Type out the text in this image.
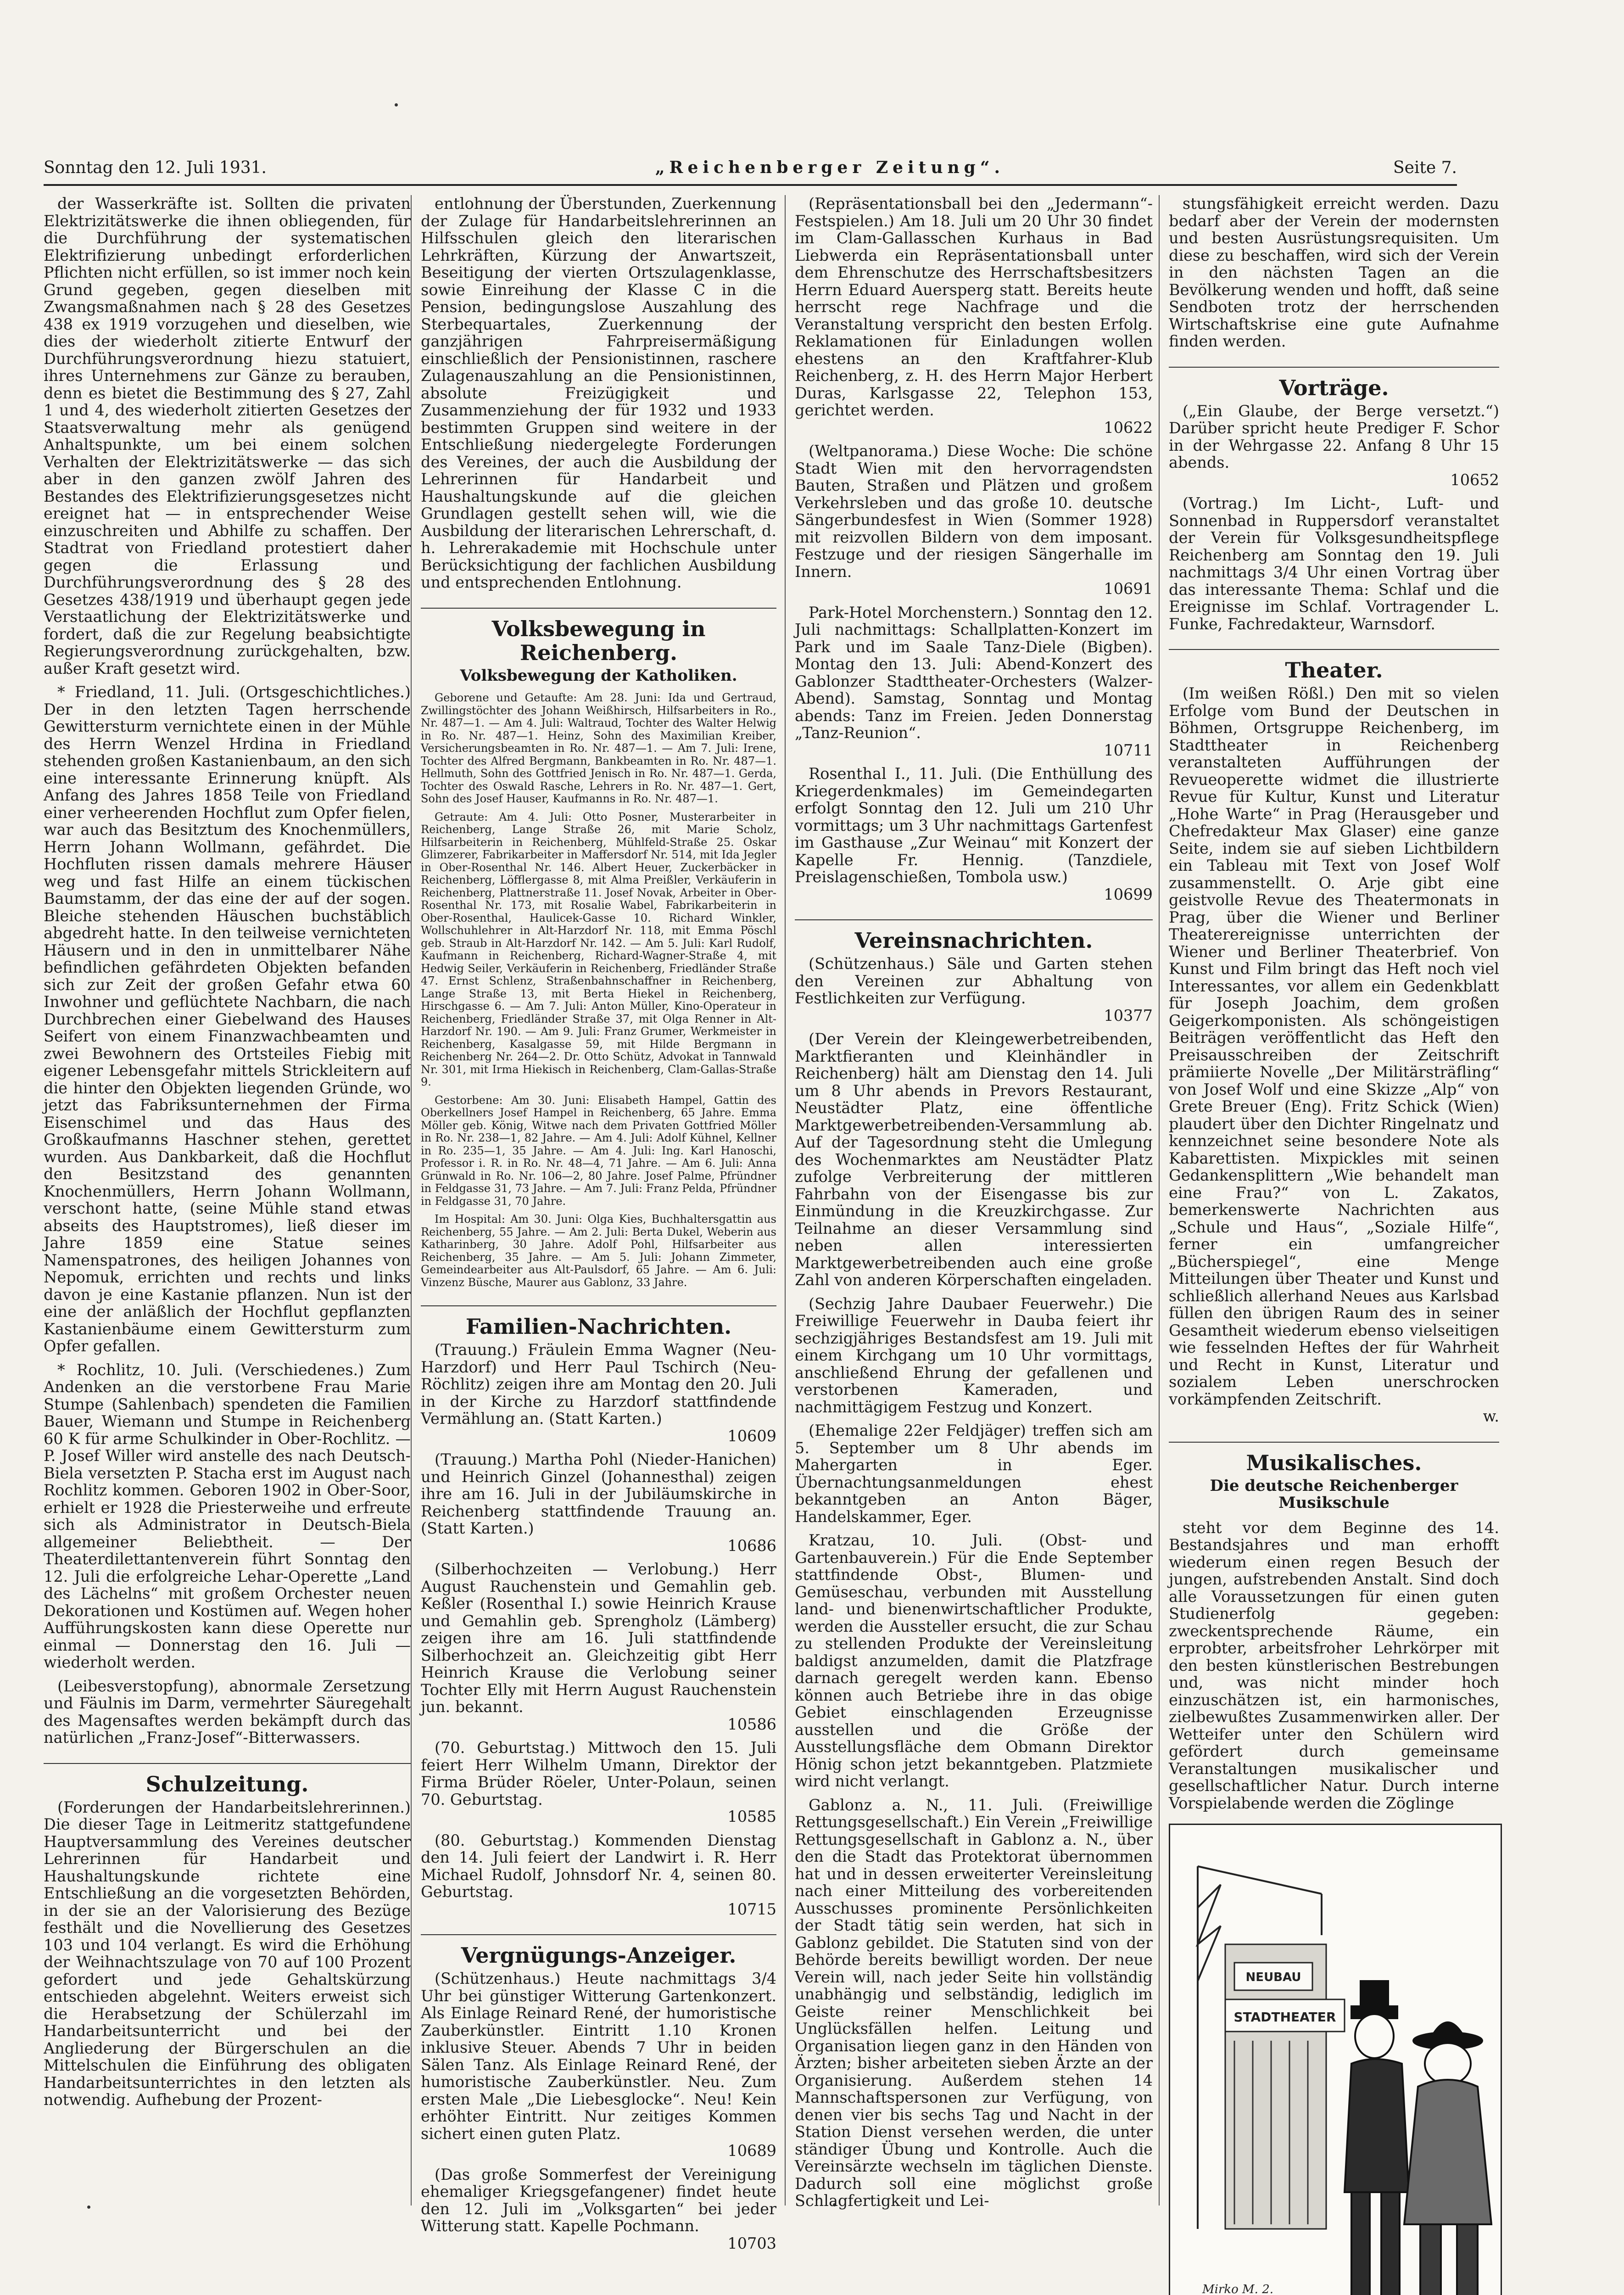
Sonntag den 12. Juli 1931.	„Reichenberger Zeitung“.	Seite 7.

der Wasserkräfte ist. Sollten die privaten Elektrizitätswerke die ihnen obliegenden, für die Durchführung der systematischen Elektrifizierung unbedingt erforderlichen Pflichten nicht erfüllen, so ist immer noch kein Grund gegeben, gegen dieselben mit Zwangsmaßnahmen nach § 28 des Gesetzes 438 ex 1919 vorzugehen und dieselben, wie dies der wiederholt zitierte Entwurf der Durchführungsverordnung hiezu statuiert, ihres Unternehmens zur Gänze zu berauben, denn es bietet die Bestimmung des § 27, Zahl 1 und 4, des wiederholt zitierten Gesetzes der Staatsverwaltung mehr als genügend Anhaltspunkte, um bei einem solchen Verhalten der Elektrizitätswerke — das sich aber in den ganzen zwölf Jahren des Bestandes des Elektrifizierungsgesetzes nicht ereignet hat — in entsprechender Weise einzuschreiten und Abhilfe zu schaffen. Der Stadtrat von Friedland protestiert daher gegen die Erlassung und Durchführungsverordnung des § 28 des Gesetzes 438/1919 und überhaupt gegen jede Verstaatlichung der Elektrizitätswerke und fordert, daß die zur Regelung beabsichtigte Regierungsverordnung zurückgehalten, bzw. außer Kraft gesetzt wird.

* Friedland, 11. Juli. (Ortsgeschichtliches.) Der in den letzten Tagen herrschende Gewittersturm vernichtete einen in der Mühle des Herrn Wenzel Hrdina in Friedland stehenden großen Kastanienbaum, an den sich eine interessante Erinnerung knüpft. Als Anfang des Jahres 1858 Teile von Friedland einer verheerenden Hochflut zum Opfer fielen, war auch das Besitztum des Knochenmüllers, Herrn Johann Wollmann, gefährdet. Die Hochfluten rissen damals mehrere Häuser weg und fast Hilfe an einem tückischen Baumstamm, der das eine der auf der sogen. Bleiche stehenden Häuschen buchstäblich abgedreht hatte. In den teilweise vernichteten Häusern und in den in unmittelbarer Nähe befindlichen gefährdeten Objekten befanden sich zur Zeit der großen Gefahr etwa 60 Inwohner und geflüchtete Nachbarn, die nach Durchbrechen einer Giebelwand des Hauses Seifert von einem Finanzwachbeamten und zwei Bewohnern des Ortsteiles Fiebig mit eigener Lebensgefahr mittels Strickleitern auf die hinter den Objekten liegenden Gründe, wo jetzt das Fabriksunternehmen der Firma Eisenschimel und das Haus des Großkaufmanns Haschner stehen, gerettet wurden. Aus Dankbarkeit, daß die Hochflut den Besitzstand des genannten Knochenmüllers, Herrn Johann Wollmann, verschont hatte, (seine Mühle stand etwas abseits des Hauptstromes), ließ dieser im Jahre 1859 eine Statue seines Namenspatrones, des heiligen Johannes von Nepomuk, errichten und rechts und links davon je eine Kastanie pflanzen. Nun ist der eine der anläßlich der Hochflut gepflanzten Kastanienbäume einem Gewittersturm zum Opfer gefallen.

* Rochlitz, 10. Juli. (Verschiedenes.) Zum Andenken an die verstorbene Frau Marie Stumpe (Sahlenbach) spendeten die Familien Bauer, Wiemann und Stumpe in Reichenberg 60 K für arme Schulkinder in Ober-Rochlitz. — P. Josef Willer wird anstelle des nach Deutsch-Biela versetzten P. Stacha erst im August nach Rochlitz kommen. Geboren 1902 in Ober-Soor, erhielt er 1928 die Priesterweihe und erfreute sich als Administrator in Deutsch-Biela allgemeiner Beliebtheit. — Der Theaterdilettantenverein führt Sonntag den 12. Juli die erfolgreiche Lehar-Operette „Land des Lächelns“ mit großem Orchester neuen Dekorationen und Kostümen auf. Wegen hoher Aufführungskosten kann diese Operette nur einmal — Donnerstag den 16. Juli — wiederholt werden.

(Leibesverstopfung), abnormale Zersetzung und Fäulnis im Darm, vermehrter Säuregehalt des Magensaftes werden bekämpft durch das natürlichen „Franz-Josef“-Bitterwassers.

Schulzeitung.

(Forderungen der Handarbeitslehrerinnen.) Die dieser Tage in Leitmeritz stattgefundene Hauptversammlung des Vereines deutscher Lehrerinnen für Handarbeit und Haushaltungskunde richtete eine Entschließung an die vorgesetzten Behörden, in der sie an der Valorisierung des Bezüge festhält und die Novellierung des Gesetzes 103 und 104 verlangt. Es wird die Erhöhung der Weihnachtszulage von 70 auf 100 Prozent gefordert und jede Gehaltskürzung entschieden abgelehnt. Weiters erweist sich die Herabsetzung der Schülerzahl im Handarbeitsunterricht und bei der Angliederung der Bürgerschulen an die Mittelschulen die Einführung des obligaten Handarbeitsunterrichtes in den letzten als notwendig. Aufhebung der Prozent-

entlohnung der Überstunden, Zuerkennung der Zulage für Handarbeitslehrerinnen an Hilfsschulen gleich den literarischen Lehrkräften, Kürzung der Anwartszeit, Beseitigung der vierten Ortszulagenklasse, sowie Einreihung der Klasse C in die Pension, bedingungslose Auszahlung des Sterbequartales, Zuerkennung der ganzjährigen Fahrpreisermäßigung einschließlich der Pensionistinnen, raschere Zulagenauszahlung an die Pensionistinnen, absolute Freizügigkeit und Zusammenziehung der für 1932 und 1933 bestimmten Gruppen sind weitere in der Entschließung niedergelegte Forderungen des Vereines, der auch die Ausbildung der Lehrerinnen für Handarbeit und Haushaltungskunde auf die gleichen Grundlagen gestellt sehen will, wie die Ausbildung der literarischen Lehrerschaft, d. h. Lehrerakademie mit Hochschule unter Berücksichtigung der fachlichen Ausbildung und entsprechenden Entlohnung.

Volksbewegung in Reichenberg.
Volksbewegung der Katholiken.

Geborene und Getaufte: Am 28. Juni: Ida und Gertraud, Zwillingstöchter des Johann Weißhirsch, Hilfsarbeiters in Ro., Nr. 487—1. — Am 4. Juli: Waltraud, Tochter des Walter Helwig in Ro. Nr. 487—1. Heinz, Sohn des Maximilian Kreiber, Versicherungsbeamten in Ro. Nr. 487—1. — Am 7. Juli: Irene, Tochter des Alfred Bergmann, Bankbeamten in Ro. Nr. 487—1. Hellmuth, Sohn des Gottfried Jenisch in Ro. Nr. 487—1. Gerda, Tochter des Oswald Rasche, Lehrers in Ro. Nr. 487—1. Gert, Sohn des Josef Hauser, Kaufmanns in Ro. Nr. 487—1.

Getraute: Am 4. Juli: Otto Posner, Musterarbeiter in Reichenberg, Lange Straße 26, mit Marie Scholz, Hilfsarbeiterin in Reichenberg, Mühlfeld-Straße 25. Oskar Glimzerer, Fabrikarbeiter in Maffersdorf Nr. 514, mit Ida Jegler in Ober-Rosenthal Nr. 146. Albert Heuer, Zuckerbäcker in Reichenberg, Löfflergasse 8, mit Alma Preißler, Verkäuferin in Reichenberg, Plattnerstraße 11. Josef Novak, Arbeiter in Ober-Rosenthal Nr. 173, mit Rosalie Wabel, Fabrikarbeiterin in Ober-Rosenthal, Haulicek-Gasse 10. Richard Winkler, Wollschuhlehrer in Alt-Harzdorf Nr. 118, mit Emma Pöschl geb. Straub in Alt-Harzdorf Nr. 142. — Am 5. Juli: Karl Rudolf, Kaufmann in Reichenberg, Richard-Wagner-Straße 4, mit Hedwig Seiler, Verkäuferin in Reichenberg, Friedländer Straße 47. Ernst Schlenz, Straßenbahnschaffner in Reichenberg, Lange Straße 13, mit Berta Hiekel in Reichenberg, Hirschgasse 6. — Am 7. Juli: Anton Müller, Kino-Operateur in Reichenberg, Friedländer Straße 37, mit Olga Renner in Alt-Harzdorf Nr. 190. — Am 9. Juli: Franz Grumer, Werkmeister in Reichenberg, Kasalgasse 59, mit Hilde Bergmann in Reichenberg Nr. 264—2. Dr. Otto Schütz, Advokat in Tannwald Nr. 301, mit Irma Hiekisch in Reichenberg, Clam-Gallas-Straße 9.

Gestorbene: Am 30. Juni: Elisabeth Hampel, Gattin des Oberkellners Josef Hampel in Reichenberg, 65 Jahre. Emma Möller geb. König, Witwe nach dem Privaten Gottfried Möller in Ro. Nr. 238—1, 82 Jahre. — Am 4. Juli: Adolf Kühnel, Kellner in Ro. 235—1, 35 Jahre. — Am 4. Juli: Ing. Karl Hanoschi, Professor i. R. in Ro. Nr. 48—4, 71 Jahre. — Am 6. Juli: Anna Grünwald in Ro. Nr. 106—2, 80 Jahre. Josef Palme, Pfründner in Feldgasse 31, 73 Jahre. — Am 7. Juli: Franz Pelda, Pfründner in Feldgasse 31, 70 Jahre.

Im Hospital: Am 30. Juni: Olga Kies, Buchhaltersgattin aus Reichenberg, 55 Jahre. — Am 2. Juli: Berta Dukel, Weberin aus Katharinberg, 30 Jahre. Adolf Pohl, Hilfsarbeiter aus Reichenberg, 35 Jahre. — Am 5. Juli: Johann Zimmeter, Gemeindearbeiter aus Alt-Paulsdorf, 65 Jahre. — Am 6. Juli: Vinzenz Büsche, Maurer aus Gablonz, 33 Jahre.

Familien-Nachrichten.

(Trauung.) Fräulein Emma Wagner (Neu-Harzdorf) und Herr Paul Tschirch (Neu-Röchlitz) zeigen ihre am Montag den 20. Juli in der Kirche zu Harzdorf stattfindende Vermählung an. (Statt Karten.)

10609

(Trauung.) Martha Pohl (Nieder-Hanichen) und Heinrich Ginzel (Johannesthal) zeigen ihre am 16. Juli in der Jubiläumskirche in Reichenberg stattfindende Trauung an. (Statt Karten.)

10686

(Silberhochzeiten — Verlobung.) Herr August Rauchenstein und Gemahlin geb. Keßler (Rosenthal I.) sowie Heinrich Krause und Gemahlin geb. Sprengholz (Lämberg) zeigen ihre am 16. Juli stattfindende Silberhochzeit an. Gleichzeitig gibt Herr Heinrich Krause die Verlobung seiner Tochter Elly mit Herrn August Rauchenstein jun. bekannt.

10586

(70. Geburtstag.) Mittwoch den 15. Juli feiert Herr Wilhelm Umann, Direktor der Firma Brüder Röeler, Unter-Polaun, seinen 70. Geburtstag.

10585

(80. Geburtstag.) Kommenden Dienstag den 14. Juli feiert der Landwirt i. R. Herr Michael Rudolf, Johnsdorf Nr. 4, seinen 80. Geburtstag.

10715

Vergnügungs-Anzeiger.

(Schützenhaus.) Heute nachmittags 3/4 Uhr bei günstiger Witterung Gartenkonzert. Als Einlage Reinard René, der humoristische Zauberkünstler. Eintritt 1.10 Kronen inklusive Steuer. Abends 7 Uhr in beiden Sälen Tanz. Als Einlage Reinard René, der humoristische Zauberkünstler. Neu. Zum ersten Male „Die Liebesglocke“. Neu! Kein erhöhter Eintritt. Nur zeitiges Kommen sichert einen guten Platz.

10689

(Das große Sommerfest der Vereinigung ehemaliger Kriegsgefangener) findet heute den 12. Juli im „Volksgarten“ bei jeder Witterung statt. Kapelle Pochmann.

10703

(Repräsentationsball bei den „Jedermann“-Festspielen.) Am 18. Juli um 20 Uhr 30 findet im Clam-Gallasschen Kurhaus in Bad Liebwerda ein Repräsentationsball unter dem Ehrenschutze des Herrschaftsbesitzers Herrn Eduard Auersperg statt. Bereits heute herrscht rege Nachfrage und die Veranstaltung verspricht den besten Erfolg. Reklamationen für Einladungen wollen ehestens an den Kraftfahrer-Klub Reichenberg, z. H. des Herrn Major Herbert Duras, Karlsgasse 22, Telephon 153, gerichtet werden.

10622

(Weltpanorama.) Diese Woche: Die schöne Stadt Wien mit den hervorragendsten Bauten, Straßen und Plätzen und großem Verkehrsleben und das große 10. deutsche Sängerbundesfest in Wien (Sommer 1928) mit reizvollen Bildern von dem imposant. Festzuge und der riesigen Sängerhalle im Innern.

10691

Park-Hotel Morchenstern.) Sonntag den 12. Juli nachmittags: Schallplatten-Konzert im Park und im Saale Tanz-Diele (Bigben). Montag den 13. Juli: Abend-Konzert des Gablonzer Stadttheater-Orchesters (Walzer-Abend). Samstag, Sonntag und Montag abends: Tanz im Freien. Jeden Donnerstag „Tanz-Reunion“.

10711

Rosenthal I., 11. Juli. (Die Enthüllung des Kriegerdenkmales) im Gemeindegarten erfolgt Sonntag den 12. Juli um 210 Uhr vormittags; um 3 Uhr nachmittags Gartenfest im Gasthause „Zur Weinau“ mit Konzert der Kapelle Fr. Hennig. (Tanzdiele, Preislagenschießen, Tombola usw.)

10699

Vereinsnachrichten.

(Schützenhaus.) Säle und Garten stehen den Vereinen zur Abhaltung von Festlichkeiten zur Verfügung.

10377

(Der Verein der Kleingewerbetreibenden, Marktfieranten und Kleinhändler in Reichenberg) hält am Dienstag den 14. Juli um 8 Uhr abends in Prevors Restaurant, Neustädter Platz, eine öffentliche Marktgewerbetreibenden-Versammlung ab. Auf der Tagesordnung steht die Umlegung des Wochenmarktes am Neustädter Platz zufolge Verbreiterung der mittleren Fahrbahn von der Eisengasse bis zur Einmündung in die Kreuzkirchgasse. Zur Teilnahme an dieser Versammlung sind neben allen interessierten Marktgewerbetreibenden auch eine große Zahl von anderen Körperschaften eingeladen.

(Sechzig Jahre Daubaer Feuerwehr.) Die Freiwillige Feuerwehr in Dauba feiert ihr sechzigjähriges Bestandsfest am 19. Juli mit einem Kirchgang um 10 Uhr vormittags, anschließend Ehrung der gefallenen und verstorbenen Kameraden, und nachmittägigem Festzug und Konzert.

(Ehemalige 22er Feldjäger) treffen sich am 5. September um 8 Uhr abends im Mahergarten in Eger. Übernachtungsanmeldungen ehest bekanntgeben an Anton Bäger, Handelskammer, Eger.

Kratzau, 10. Juli. (Obst- und Gartenbauverein.) Für die Ende September stattfindende Obst-, Blumen- und Gemüseschau, verbunden mit Ausstellung land- und bienenwirtschaftlicher Produkte, werden die Aussteller ersucht, die zur Schau zu stellenden Produkte der Vereinsleitung baldigst anzumelden, damit die Platzfrage darnach geregelt werden kann. Ebenso können auch Betriebe ihre in das obige Gebiet einschlagenden Erzeugnisse ausstellen und die Größe der Ausstellungsfläche dem Obmann Direktor Hönig schon jetzt bekanntgeben. Platzmiete wird nicht verlangt.

Gablonz a. N., 11. Juli. (Freiwillige Rettungsgesellschaft.) Ein Verein „Freiwillige Rettungsgesellschaft in Gablonz a. N., über den die Stadt das Protektorat übernommen hat und in dessen erweiterter Vereinsleitung nach einer Mitteilung des vorbereitenden Ausschusses prominente Persönlichkeiten der Stadt tätig sein werden, hat sich in Gablonz gebildet. Die Statuten sind von der Behörde bereits bewilligt worden. Der neue Verein will, nach jeder Seite hin vollständig unabhängig und selbständig, lediglich im Geiste reiner Menschlichkeit bei Unglücksfällen helfen. Leitung und Organisation liegen ganz in den Händen von Ärzten; bisher arbeiteten sieben Ärzte an der Organisierung. Außerdem stehen 14 Mannschaftspersonen zur Verfügung, von denen vier bis sechs Tag und Nacht in der Station Dienst versehen werden, die unter ständiger Übung und Kontrolle. Auch die Vereinsärzte wechseln im täglichen Dienste. Dadurch soll eine möglichst große Schlagfertigkeit und Lei-

stungsfähigkeit erreicht werden. Dazu bedarf aber der Verein der modernsten und besten Ausrüstungsrequisiten. Um diese zu beschaffen, wird sich der Verein in den nächsten Tagen an die Bevölkerung wenden und hofft, daß seine Sendboten trotz der herrschenden Wirtschaftskrise eine gute Aufnahme finden werden.

Vorträge.

(„Ein Glaube, der Berge versetzt.“) Darüber spricht heute Prediger F. Schor in der Wehrgasse 22. Anfang 8 Uhr 15 abends.

10652

(Vortrag.) Im Licht-, Luft- und Sonnenbad in Ruppersdorf veranstaltet der Verein für Volksgesundheitspflege Reichenberg am Sonntag den 19. Juli nachmittags 3/4 Uhr einen Vortrag über das interessante Thema: Schlaf und die Ereignisse im Schlaf. Vortragender L. Funke, Fachredakteur, Warnsdorf.

Theater.

(Im weißen Rößl.) Den mit so vielen Erfolge vom Bund der Deutschen in Böhmen, Ortsgruppe Reichenberg, im Stadttheater in Reichenberg veranstalteten Aufführungen der Revueoperette widmet die illustrierte Revue für Kultur, Kunst und Literatur „Hohe Warte“ in Prag (Herausgeber und Chefredakteur Max Glaser) eine ganze Seite, indem sie auf sieben Lichtbildern ein Tableau mit Text von Josef Wolf zusammenstellt. O. Arje gibt eine geistvolle Revue des Theatermonats in Prag, über die Wiener und Berliner Theaterereignisse unterrichten der Wiener und Berliner Theaterbrief. Von Kunst und Film bringt das Heft noch viel Interessantes, vor allem ein Gedenkblatt für Joseph Joachim, dem großen Geigerkomponisten. Als schöngeistigen Beiträgen veröffentlicht das Heft den Preisausschreiben der Zeitschrift prämiierte Novelle „Der Militärsträfling“ von Josef Wolf und eine Skizze „Alp“ von Grete Breuer (Eng). Fritz Schick (Wien) plaudert über den Dichter Ringelnatz und kennzeichnet seine besondere Note als Kabarettisten. Mixpickles mit seinen Gedankensplittern „Wie behandelt man eine Frau?“ von L. Zakatos, bemerkenswerte Nachrichten aus „Schule und Haus“, „Soziale Hilfe“, ferner ein umfangreicher „Bücherspiegel“, eine Menge Mitteilungen über Theater und Kunst und schließlich allerhand Neues aus Karlsbad füllen den übrigen Raum des in seiner Gesamtheit wiederum ebenso vielseitigen wie fesselnden Heftes der für Wahrheit und Recht in Kunst, Literatur und sozialem Leben unerschrocken vorkämpfenden Zeitschrift.

w.

Musikalisches.
Die deutsche Reichenberger Musikschule

steht vor dem Beginne des 14. Bestandsjahres und man erhofft wiederum einen regen Besuch der jungen, aufstrebenden Anstalt. Sind doch alle Voraussetzungen für einen guten Studienerfolg gegeben: zweckentsprechende Räume, ein erprobter, arbeitsfroher Lehrkörper mit den besten künstlerischen Bestrebungen und, was nicht minder hoch einzuschätzen ist, ein harmonisches, zielbewußtes Zusammenwirken aller. Der Wetteifer unter den Schülern wird gefördert durch gemeinsame Veranstaltungen musikalischer und gesellschaftlicher Natur. Durch interne Vorspielabende werden die Zöglinge

NEUBAU
STADTHEATER
Mirko M. 2.
